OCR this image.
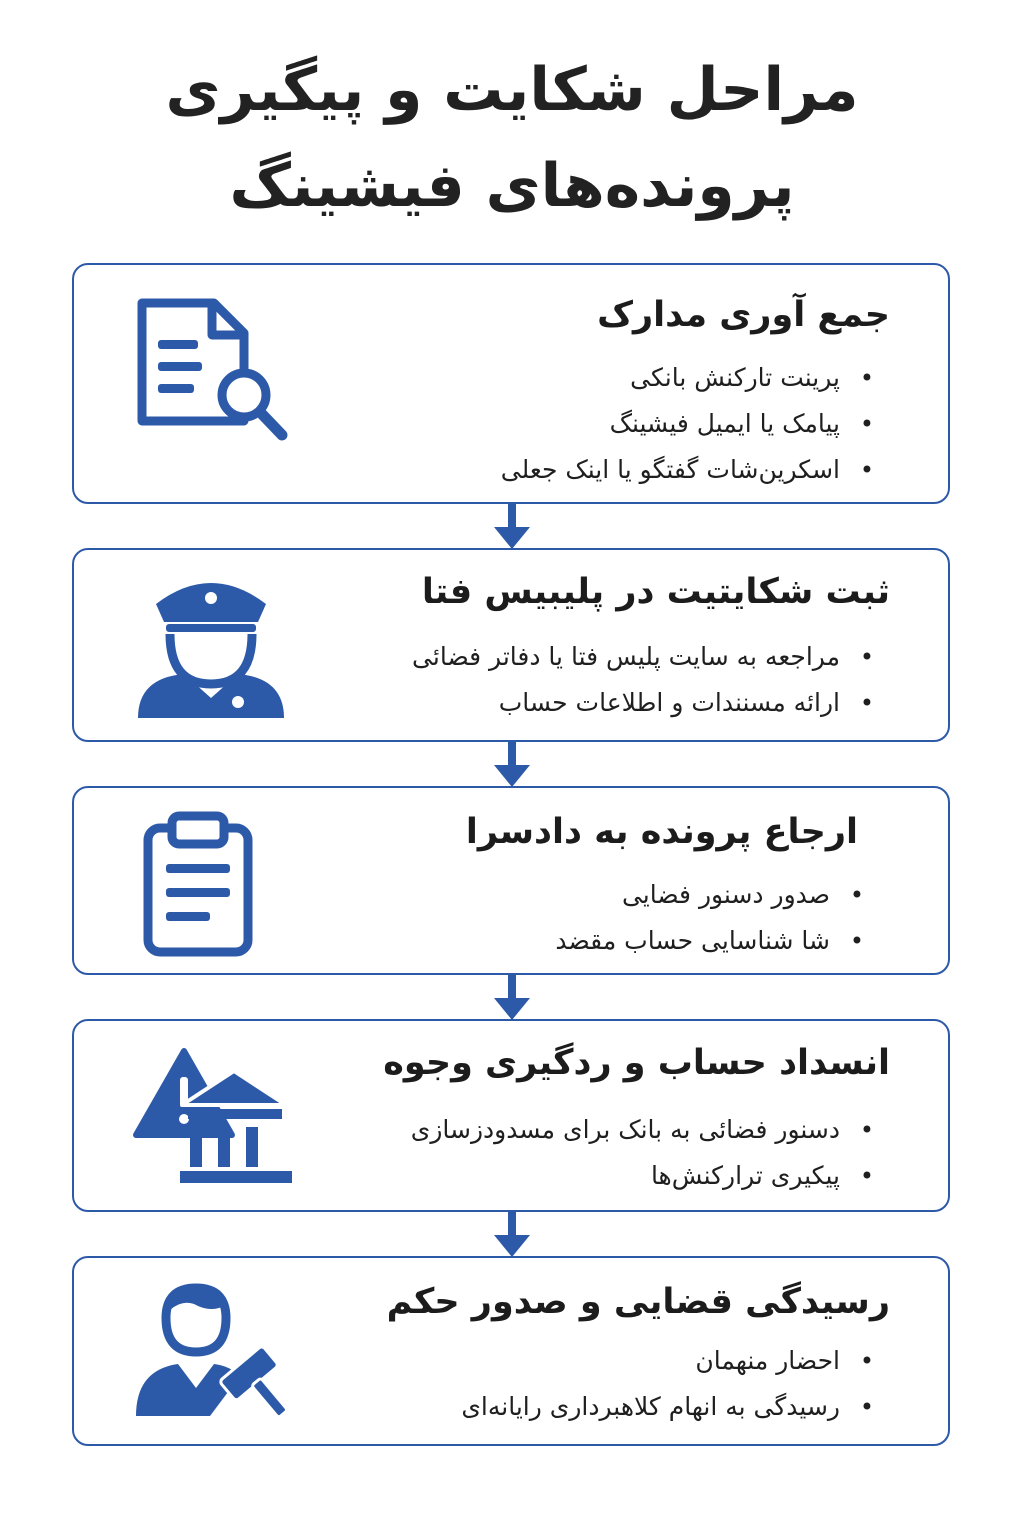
مراحل شکایت و پیگیری
پرونده‌های فیشینگ
جمع آوری مدارک
•
پرینت تارکنش بانکی
•
پیامک یا ایمیل فیشینگ
•
اسکرین‌شات گفتگو یا اینک جعلی
ثبت شکایتیت در پلیبیس فتا
•
مراجعه به سایت پلیس فتا یا دفاتر فضائی
•
ارائه مسنندات و اطلاعات حساب
ارجاع پرونده به دادسرا
•
صدور دسنور فضایی
•
شا شناسایی حساب مقضد
انسداد حساب و ردگیری وجوه
•
دسنور فضائی به بانک برای مسدودزسازی
•
پیکیری ترارکنش‌ها
رسیدگی قضایی و صدور حکم
•
احضار منهمان
•
رسیدگی به انهام کلاهبرداری رایانه‌ای
